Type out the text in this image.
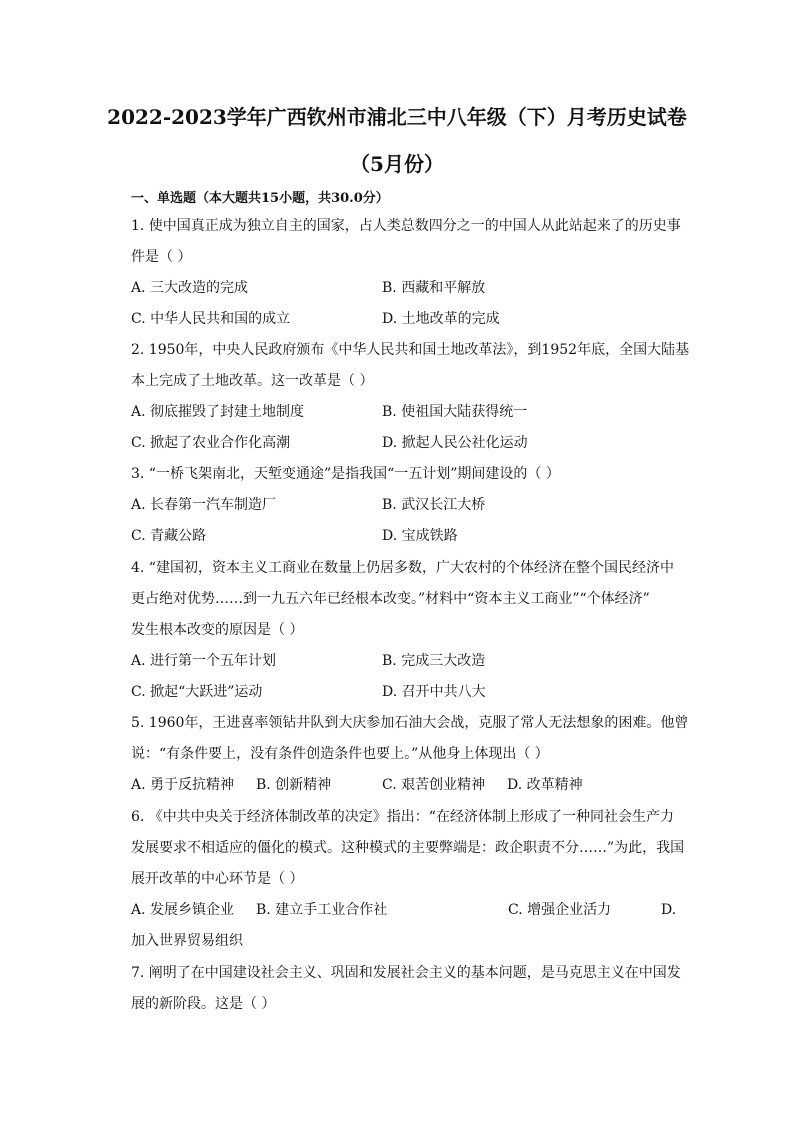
2022-2023学年广西钦州市浦北三中八年级（下）月考历史试卷
（5月份）
一、单选题（本大题共15小题，共30.0分）

1. 使中国真正成为独立自主的国家，占人类总数四分之一的中国人从此站起来了的历史事

件是（ ）

A. 三大改造的完成	B. 西藏和平解放
C. 中华人民共和国的成立	D. 土地改革的完成

2. 1950年，中央人民政府颁布《中华人民共和国土地改革法》，到1952年底，全国大陆基

本上完成了土地改革。这一改革是（ ）

A. 彻底摧毁了封建土地制度	B. 使祖国大陆获得统一
C. 掀起了农业合作化高潮	D. 掀起人民公社化运动

3. “一桥飞架南北，天堑变通途”是指我国“一五计划”期间建设的（ ）

A. 长春第一汽车制造厂	B. 武汉长江大桥
C. 青藏公路	D. 宝成铁路

4. “建国初，资本主义工商业在数量上仍居多数，广大农村的个体经济在整个国民经济中

更占绝对优势……到一九五六年已经根本改变。”材料中“资本主义工商业”“个体经济”

发生根本改变的原因是（ ）

A. 进行第一个五年计划	B. 完成三大改造
C. 掀起“大跃进”运动	D. 召开中共八大

5. 1960年，王进喜率领钻井队到大庆参加石油大会战，克服了常人无法想象的困难。他曾

说：“有条件要上，没有条件创造条件也要上。”从他身上体现出（ ）

A. 勇于反抗精神 B. 创新精神	C. 艰苦创业精神 D. 改革精神

6. 《中共中央关于经济体制改革的决定》指出：“在经济体制上形成了一种同社会生产力

发展要求不相适应的僵化的模式。这种模式的主要弊端是：政企职责不分……”为此，我国

展开改革的中心环节是（ ）

A. 发展乡镇企业 B. 建立手工业合作社	C. 增强企业活力	D.

加入世界贸易组织

7. 阐明了在中国建设社会主义、巩固和发展社会主义的基本问题，是马克思主义在中国发

展的新阶段。这是（ ）
